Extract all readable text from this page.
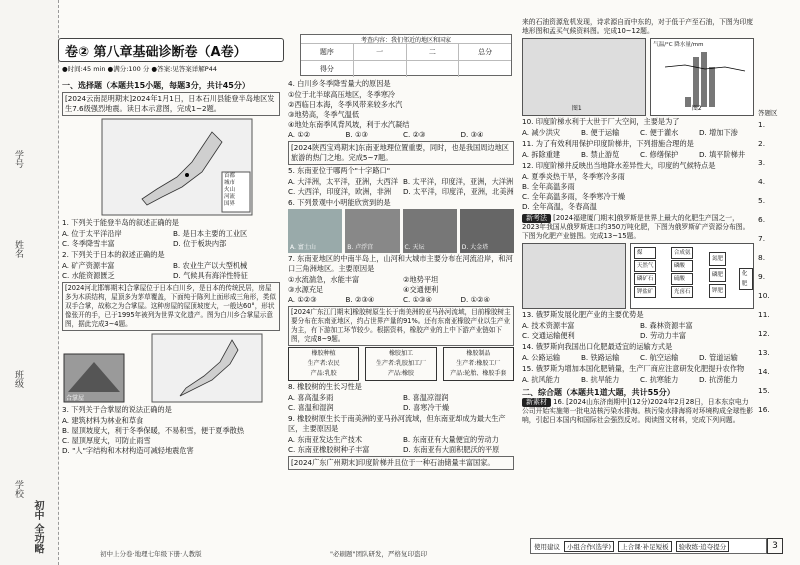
学号
姓名
班级
学校
初中 全功略
卷② 第八章基础诊断卷（A卷）
考查内容：我们邻近的地区和国家
题序	一	二	总分
得分
●时间:45 min ●满分:100 分 ●答案:见答案详解P44
一、选择题（本题共15小题，每题3分，共计45分）
[2024云南昆明期末]2024年1月1日，日本石川县能登半岛地区发生7.6级强烈地震。读日本示意图，完成1~2题。
首都
城市
火山
河流
国界
1. 下列关于能登半岛的叙述正确的是
A. 位于太平洋沿岸	B. 是日本主要的工业区
C. 冬季降雪丰富	D. 位于板块内部
2. 下列关于日本的叙述正确的是
A. 矿产资源丰富	B. 农业生产以大型机械
C. 水能资源匮乏	D. 气候具有海洋性特征
[2024河北邯郸期末]合掌屋位于日本白川乡，是日本的传统民居，房屋多为木质结构，屋顶多为茅草覆盖，下面纯于陈列上面形成三角形，类似双手合掌，故称之为合掌屋。这种房屋的屋顶坡度大，一般达60°，形状像张开的手，已于1995年被列为世界文化遗产。图为白川乡合掌屋示意图，据此完成3~4题。
合掌屋
3. 下列关于合掌屋的说法正确的是
A. 建筑材料为林业和草食
B. 屋顶坡度大，利于冬季保暖，不易积雪，便于夏季散热
C. 屋顶厚度大，可防止雨雪
D. "人"字结构和木材构造可减轻地震危害
4. 白川乡冬季降雪量大的原因是
①位于北半球高压地区，冬季寒冷
②西临日本海，冬季风带来较多水汽
③地势高，冬季气温低
④地处东南季风背风坡，利于水汽凝结
A. ①②	B. ①③	C. ②③	D. ③④
[2024陕西宝鸡期末]东南亚地理位置重要，同时，也是我国周边地区旅游的热门之地。完成5~7题。
5. 东南亚位于哪两个"十字路口"
A. 大洋洲，太平洋，亚洲，大西洋 B. 太平洋，印度洋，亚洲，大洋洲
C. 大西洋，印度洋，欧洲，非洲	D. 太平洋，印度洋，亚洲，北美洲
6. 下列景观中小明能欣赏到的是
A. 富士山	B. 卢浮宫	C. 天坛	D. 大金塔
7. 东南亚地区的中南半岛上，山河和大城市主要分布在河流沿岸，和河口三角洲地区。主要原因是
①水流湍急，水能丰富	②地势平坦
③水源充足	④交通便利
A. ①②③	B. ②③④	C. ①③④	D. ①②④
[2024广东江门期末]橡胶树原生长于南美洲的亚马孙河流域，目前橡胶树主要分布在东南亚地区，约占世界产量的91%。还有东南亚橡胶产业以生产业为主，有下游加工环节较少。根据资料，橡胶产业的上中下游产业链如下图，完成8~9题。
橡胶种植
生产者:农民
产品:乳胶
橡胶加工
生产者:乳胶加工厂
产品:橡胶
橡胶制品
生产者:橡胶工厂
产品:轮胎、橡胶手套
8. 橡胶树的生长习性是
A. 喜高温多雨	B. 喜温凉湿润
C. 喜温和湿润	D. 喜寒冷干燥
9. 橡胶树原生长于南美洲的亚马孙河流域，但东南亚却成为最大生产区，主要原因是
A. 东南亚发达生产技术	B. 东南亚有大量便宜的劳动力
C. 东南亚橡胶树种子丰富	D. 东南亚有大面积肥沃的平原
[2024广东广州期末]印度阶梯并且位于一种石油储量丰富国家。
来的石油资源危机发现，诗求源自而中东的，对于低于产至石油，下图为印度地形图和孟买气候资料图。完成10~12题。
图1
气温/°C 降水量/mm
图2
10. 印度阶梯水利于大世于厂大空间，主要是为了
A. 减少洪灾	B. 便于运输	C. 便于灌水	D. 增加下渗
11. 为了有效利用保护印度阶梯井，下列措施合理的是
A. 拆除重建	B. 禁止游览	C. 修缮保护	D. 填平阶梯井
12. 印度阶梯井反映出当地降水差异性大，印度的气候特点是
A. 夏季炎热干旱，冬季寒冷多雨
B. 全年高温多雨
C. 全年高温多雨，冬季寒冷干燥
D. 全年高温，冬春高温
新考法 [2024福建厦门期末]俄罗斯是世界上最大的化肥生产国之一，2023年我国从俄罗斯进口约350万吨化肥，下图为俄罗斯矿产资源分布图。下图为化肥产业链图。完成13~15题。
煤
天然气
磷矿石
钾盐矿
合成氨
磷酸
硫酸
光卤石
氮肥
磷肥
钾肥
化肥
13. 俄罗斯发展化肥产业的主要优势是
A. 技术资源丰富	B. 森林资源丰富
C. 交通运输便利	D. 劳动力丰富
14. 俄罗斯向我国出口化肥最适宜的运输方式是
A. 公路运输	B. 铁路运输	C. 航空运输	D. 管道运输
15. 俄罗斯为增加本国化肥销量，生产厂商应注意研发化肥提升农作物
A. 抗风能力	B. 抗旱能力	C. 抗寒能力	D. 抗涝能力
二、综合题（本题共1道大题，共计55分）
新素材 16. [2024山东济南期中](12分)2024年2月28日，日本东京电力公司开始实施第一批电站核污染水排海。核污染水排海将对环境构成全球性影响，引起日本国内和国际社会强烈反对。阅读图文材料，完成下列问题。
答题区
1.
2.
3.
4.
5.
6.
7.
8.
9.
10.
11.
12.
13.
14.
15.
16.
初中上分卷·地理七年级下册·人教版	"必刷题"团队研发，严格复印盗印
使用建议	小组合作(选学)	上合课·补足短板	验收练·追夺提分	3
